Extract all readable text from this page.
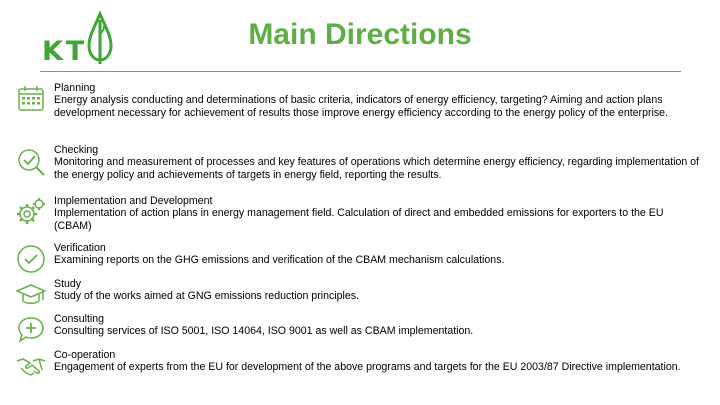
KT
Main Directions
Planning
Energy analysis conducting and determinations of basic criteria, indicators of energy efficiency, targeting? Aiming and action plans development necessary for achievement of results those improve energy efficiency according to the energy policy of the enterprise.
Checking
Monitoring and measurement of processes and key features of operations which determine energy efficiency, regarding implementation of the energy policy and achievements of targets in energy field, reporting the results.
Implementation and Development
Implementation of action plans in energy management field. Calculation of direct and embedded emissions for exporters to the EU (CBAM)
Verification
Examining reports on the GHG emissions and verification of the CBAM mechanism calculations.
Study
Study of the works aimed at GNG emissions reduction principles.
Consulting
Consulting services of ISO 5001, ISO 14064, ISO 9001 as well as CBAM implementation.
Co-operation
Engagement of experts from the EU for development of the above programs and targets for the EU 2003/87 Directive implementation.
